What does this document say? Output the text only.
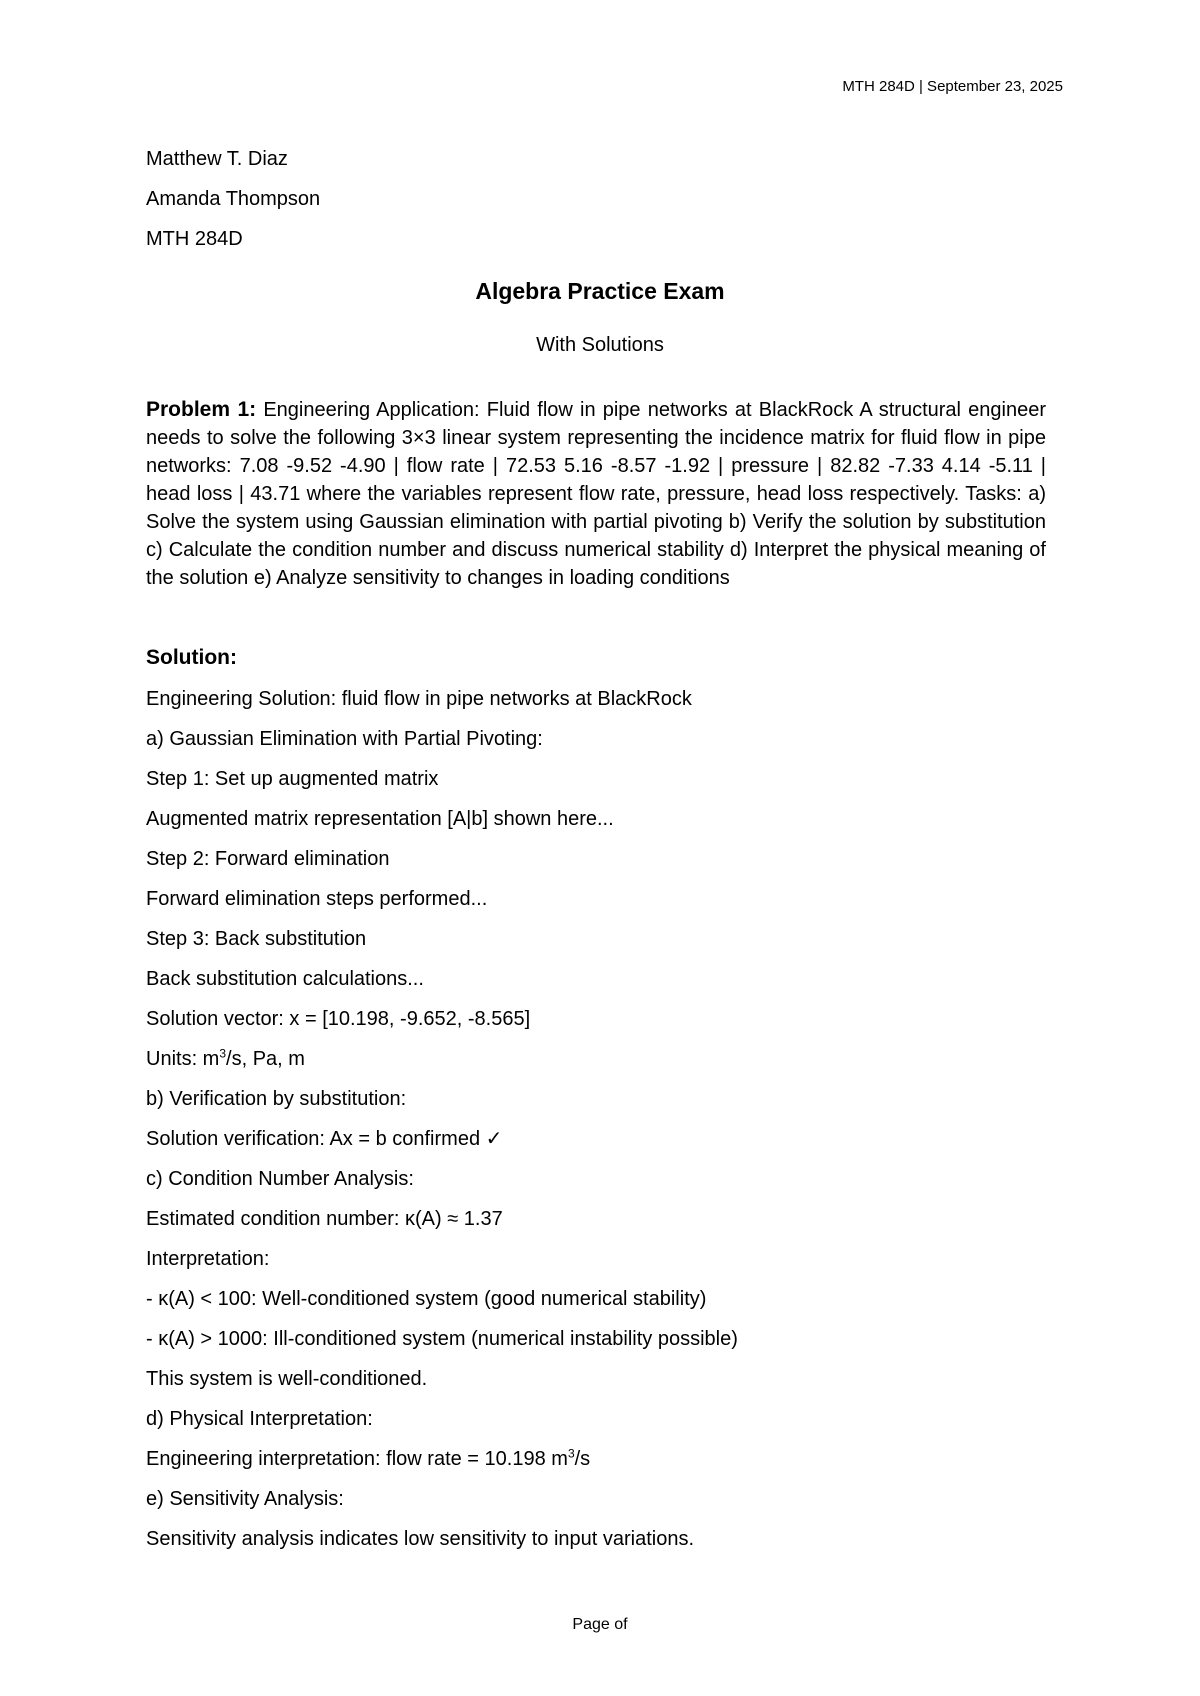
MTH 284D | September 23, 2025
Matthew T. Diaz
Amanda Thompson
MTH 284D
Algebra Practice Exam
With Solutions
Problem 1: Engineering Application: Fluid flow in pipe networks at BlackRock A structural engineer needs to solve the following 3×3 linear system representing the incidence matrix for fluid flow in pipe networks: 7.08 -9.52 -4.90 | flow rate | 72.53 5.16 -8.57 -1.92 | pressure | 82.82 -7.33 4.14 -5.11 | head loss | 43.71 where the variables represent flow rate, pressure, head loss respectively. Tasks: a) Solve the system using Gaussian elimination with partial pivoting b) Verify the solution by substitution c) Calculate the condition number and discuss numerical stability d) Interpret the physical meaning of the solution e) Analyze sensitivity to changes in loading conditions
Solution:
Engineering Solution: fluid flow in pipe networks at BlackRock
a) Gaussian Elimination with Partial Pivoting:
Step 1: Set up augmented matrix
Augmented matrix representation [A|b] shown here...
Step 2: Forward elimination
Forward elimination steps performed...
Step 3: Back substitution
Back substitution calculations...
Solution vector: x = [10.198, -9.652, -8.565]
Units: $m^3/s$, Pa, m
b) Verification by substitution:
Solution verification: Ax = b confirmed ✓
c) Condition Number Analysis:
Estimated condition number: κ(A) ≈ 1.37
Interpretation:
- κ(A) < 100: Well-conditioned system (good numerical stability)
- κ(A) > 1000: Ill-conditioned system (numerical instability possible)
This system is well-conditioned.
d) Physical Interpretation:
Engineering interpretation: flow rate = 10.198 $m^3/s$
e) Sensitivity Analysis:
Sensitivity analysis indicates low sensitivity to input variations.
Page of
